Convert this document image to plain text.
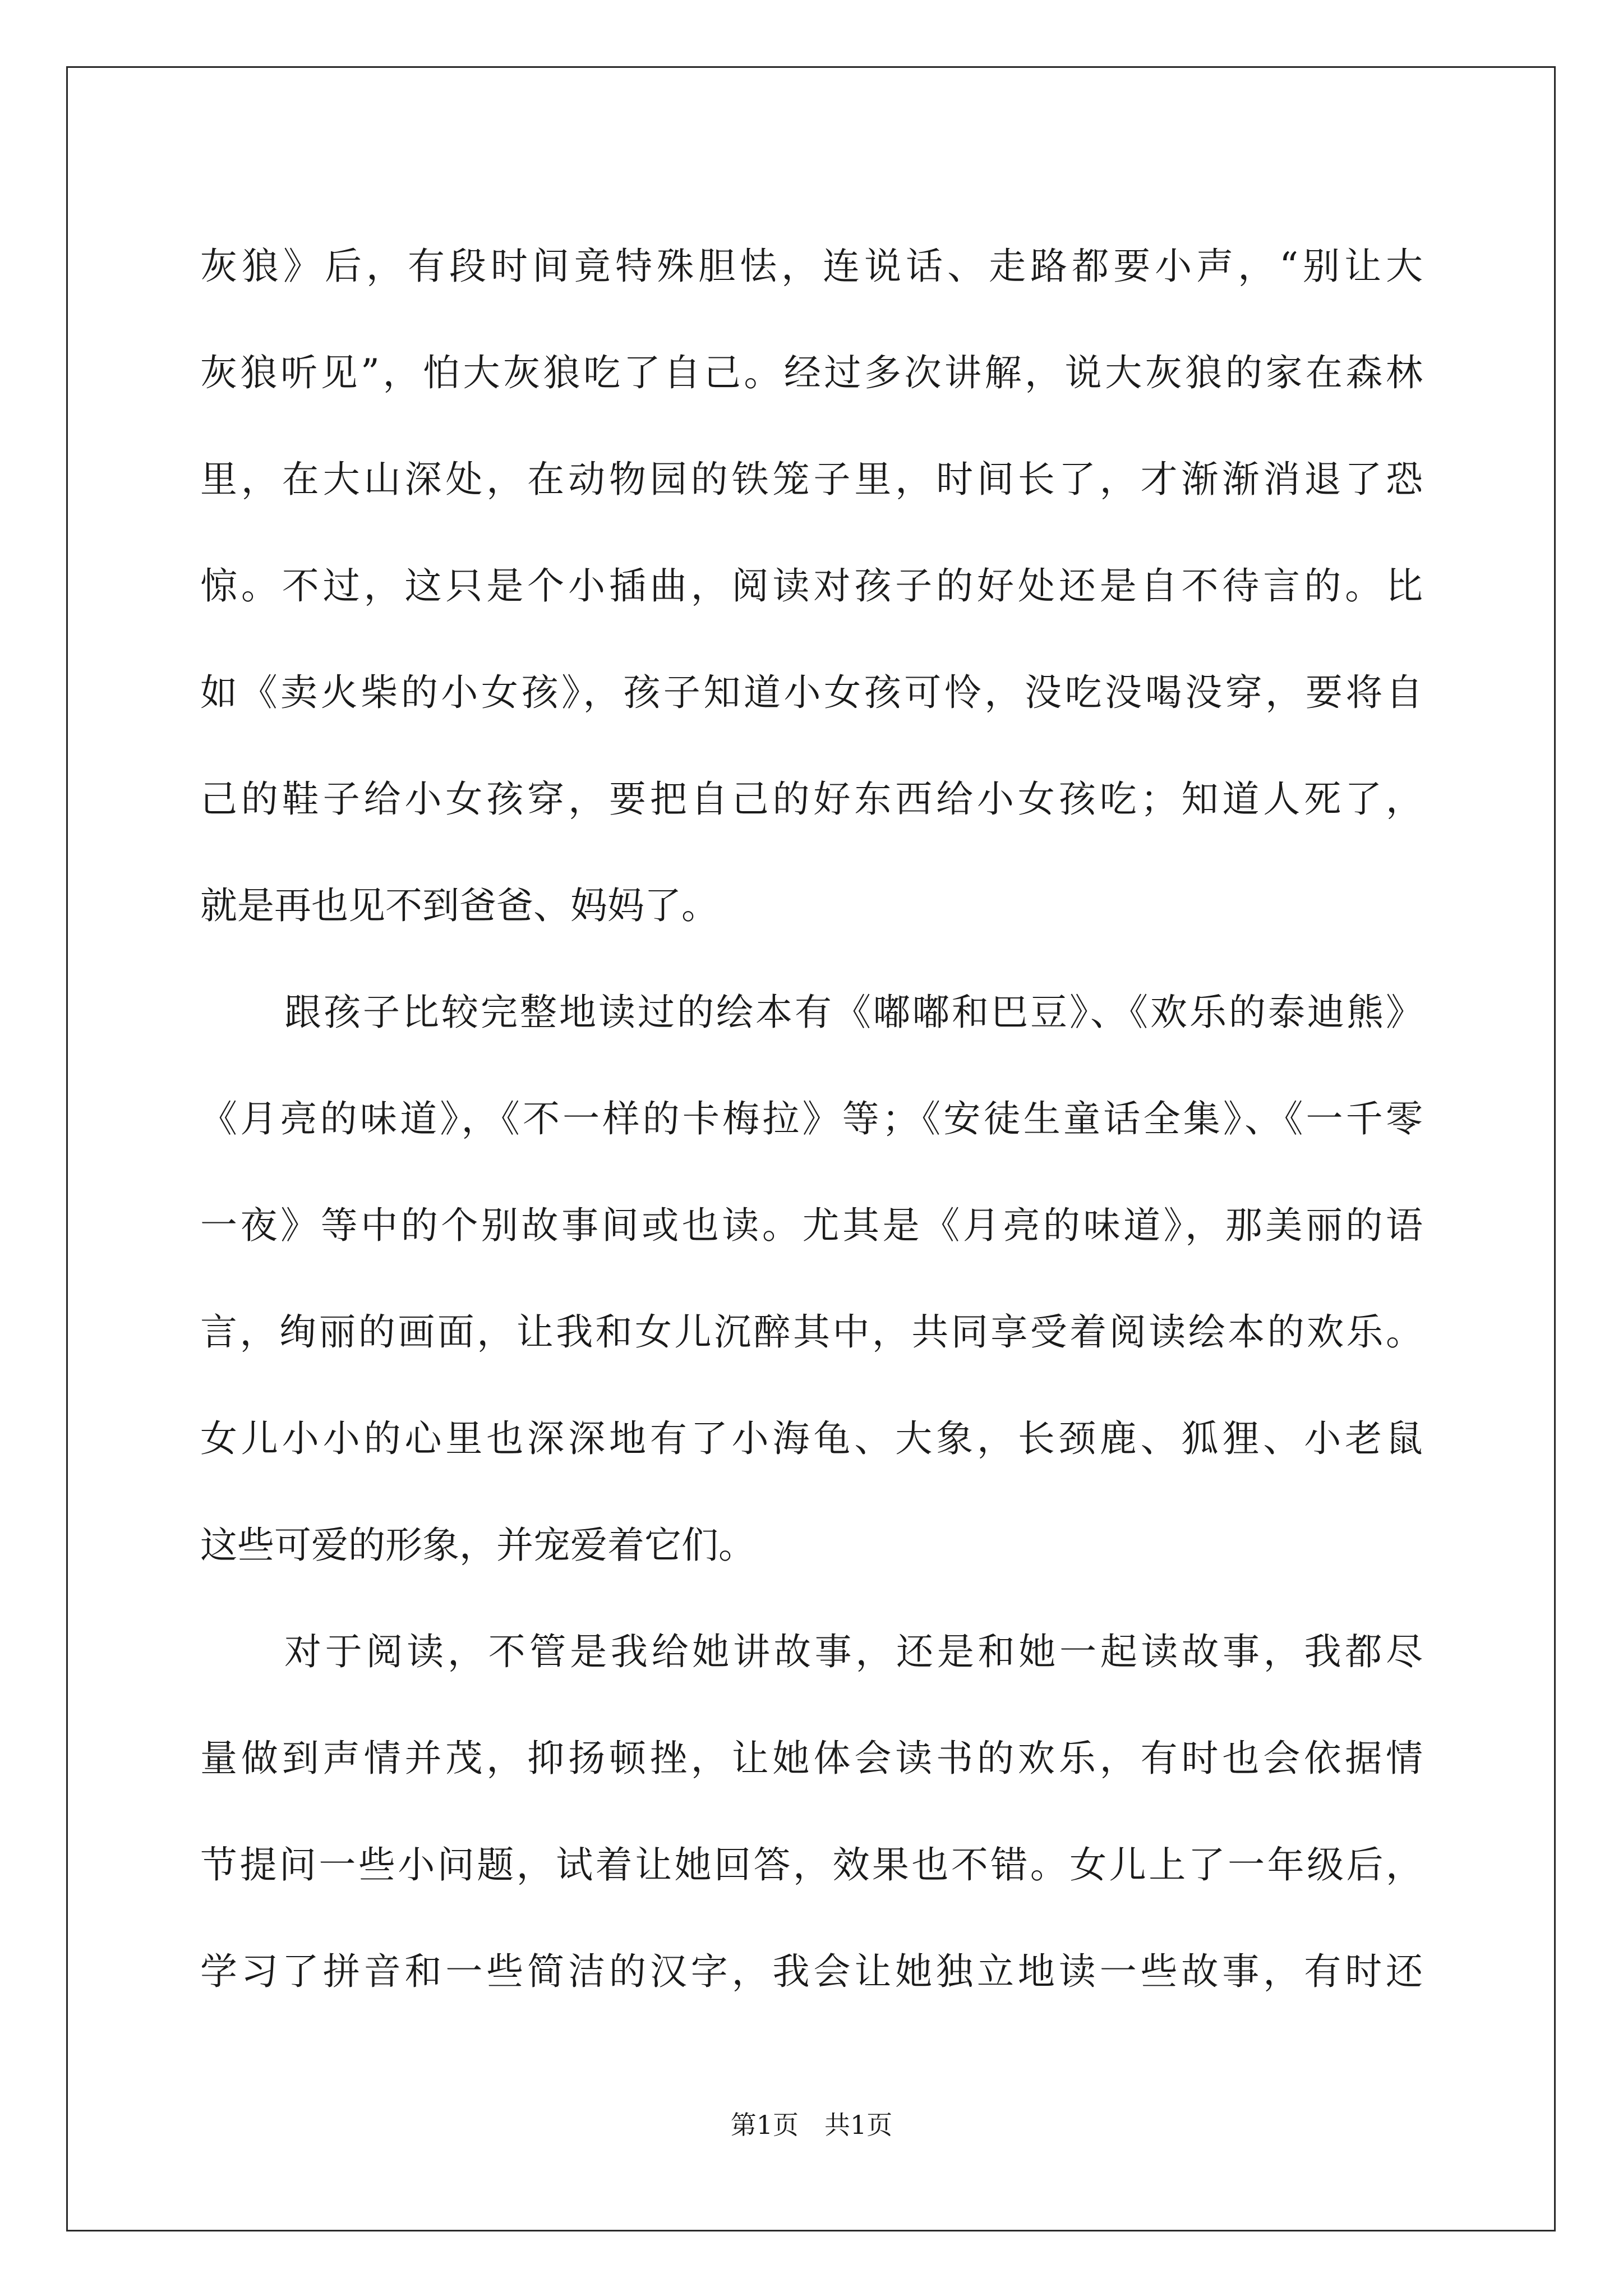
灰狼》后，有段时间竟特殊胆怯，连说话、走路都要小声，“别让大
灰狼听见”，怕大灰狼吃了自己。经过多次讲解，说大灰狼的家在森林
里，在大山深处，在动物园的铁笼子里，时间长了，才渐渐消退了恐
惊。不过，这只是个小插曲，阅读对孩子的好处还是自不待言的。比
如《卖火柴的小女孩》，孩子知道小女孩可怜，没吃没喝没穿，要将自
己的鞋子给小女孩穿，要把自己的好东西给小女孩吃；知道人死了，
就是再也见不到爸爸、妈妈了。
跟孩子比较完整地读过的绘本有《嘟嘟和巴豆》、《欢乐的泰迪熊》
《月亮的味道》，《不一样的卡梅拉》等；《安徒生童话全集》、《一千零
一夜》等中的个别故事间或也读。尤其是《月亮的味道》，那美丽的语
言，绚丽的画面，让我和女儿沉醉其中，共同享受着阅读绘本的欢乐。
女儿小小的心里也深深地有了小海龟、大象，长颈鹿、狐狸、小老鼠
这些可爱的形象，并宠爱着它们。
对于阅读，不管是我给她讲故事，还是和她一起读故事，我都尽
量做到声情并茂，抑扬顿挫，让她体会读书的欢乐，有时也会依据情
节提问一些小问题，试着让她回答，效果也不错。女儿上了一年级后，
学习了拼音和一些简洁的汉字，我会让她独立地读一些故事，有时还
第1页 共1页
